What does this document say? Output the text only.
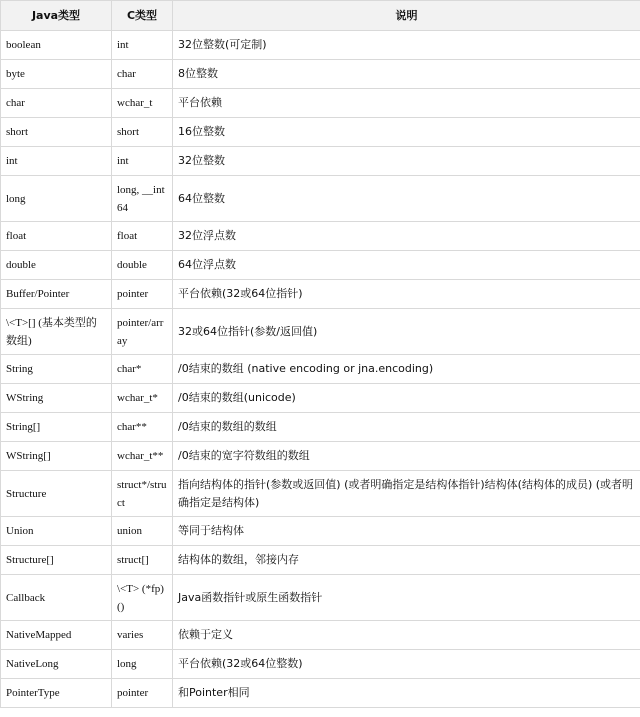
Java类型	C类型	说明
boolean	int	32位整数(可定制)
byte	char	8位整数
char	wchar_t	平台依赖
short	short	16位整数
int	int	32位整数
long	long, __int64	64位整数
float	float	32位浮点数
double	double	64位浮点数
Buffer/Pointer	pointer	平台依赖(32或64位指针)
\<T>[] (基本类型的数组)	pointer/array	32或64位指针(参数/返回值)
String	char*	/0结束的数组 (native encoding or jna.encoding)
WString	wchar_t*	/0结束的数组(unicode)
String[]	char**	/0结束的数组的数组
WString[]	wchar_t**	/0结束的宽字符数组的数组
Structure	struct*/struct	指向结构体的指针(参数或返回值) (或者明确指定是结构体指针)结构体(结构体的成员) (或者明确指定是结构体)
Union	union	等同于结构体
Structure[]	struct[]	结构体的数组，邻接内存
Callback	\<T> (*fp)()	Java函数指针或原生函数指针
NativeMapped	varies	依赖于定义
NativeLong	long	平台依赖(32或64位整数)
PointerType	pointer	和Pointer相同
